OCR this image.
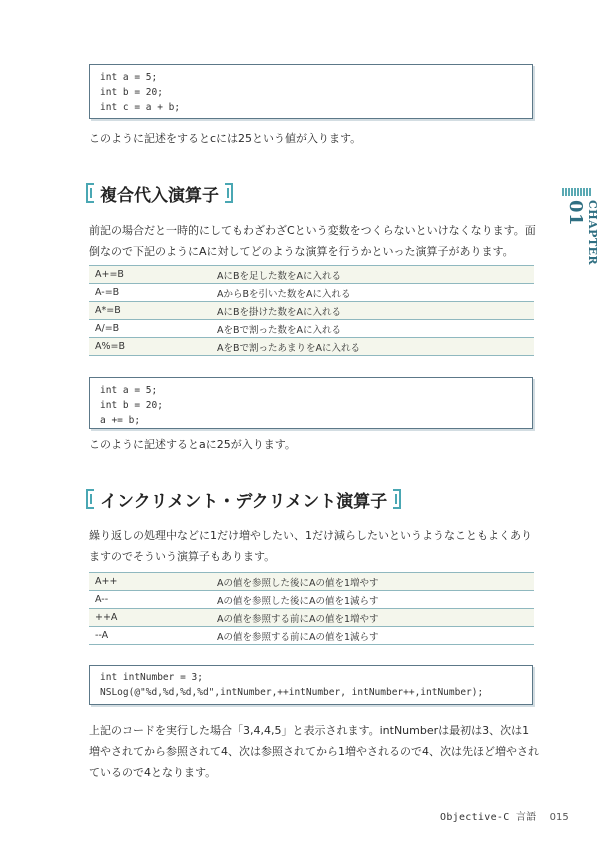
int a = 5;
int b = 20;
int c = a + b;
このように記述をするとcには25という値が入ります。
複合代入演算子
前記の場合だと一時的にしてもわざわざCという変数をつくらないといけなくなります。面倒なので下記のようにAに対してどのような演算を行うかといった演算子があります。
A+=B	AにBを足した数をAに入れる
A-=B	AからBを引いた数をAに入れる
A*=B	AにBを掛けた数をAに入れる
A/=B	AをBで割った数をAに入れる
A%=B	AをBで割ったあまりをAに入れる
int a = 5;
int b = 20;
a += b;
このように記述するとaに25が入ります。
インクリメント・デクリメント演算子
繰り返しの処理中などに1だけ増やしたい、1だけ減らしたいというようなこともよくありますのでそういう演算子もあります。
A++	Aの値を参照した後にAの値を1増やす
A--	Aの値を参照した後にAの値を1減らす
++A	Aの値を参照する前にAの値を1増やす
--A	Aの値を参照する前にAの値を1減らす
int intNumber = 3;
NSLog(@"%d,%d,%d,%d",intNumber,++intNumber, intNumber++,intNumber);
上記のコードを実行した場合「3,4,4,5」と表示されます。intNumberは最初は3、次は1増やされてから参照されて4、次は参照されてから1増やされるので4、次は先ほど増やされているので4となります。
CHAPTER 01
Objective-C 言語 015
